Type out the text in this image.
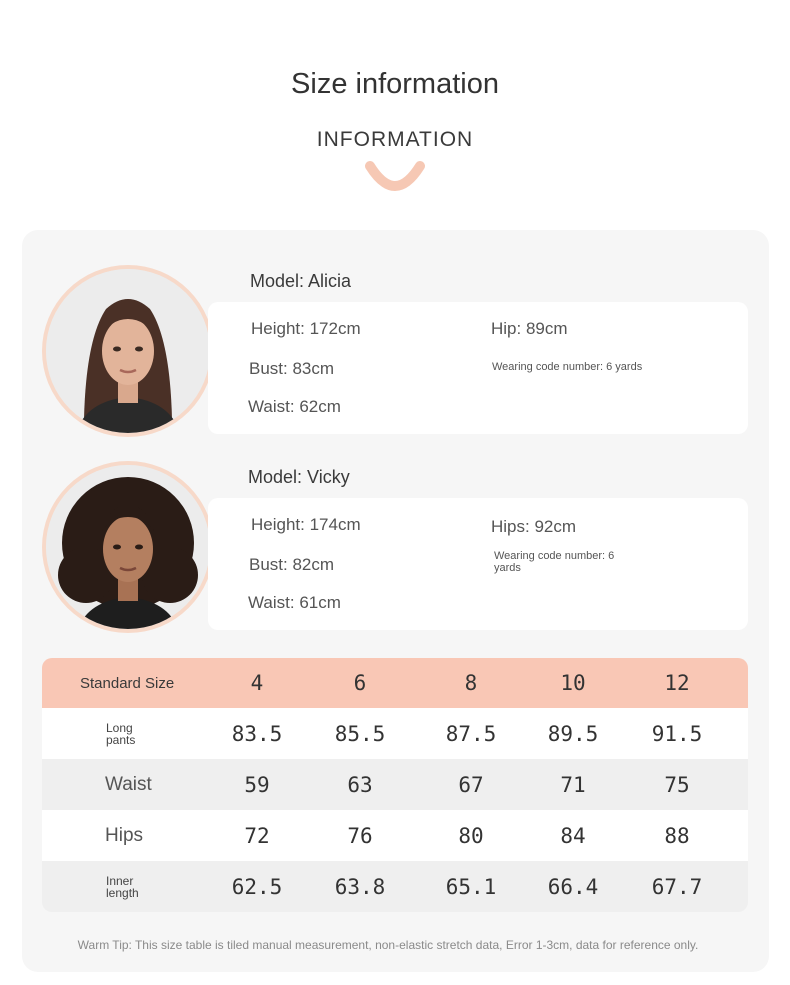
Size information
INFORMATION
Model: Alicia
Height: 172cm	Hip: 89cm
Bust: 83cm	Wearing code number: 6 yards
Waist: 62cm
Model: Vicky
Height: 174cm	Hips: 92cm
Bust: 82cm	Wearing code number: 6
yards
Waist: 61cm
Standard Size	4	6	8	10	12
Long
pants	83.5	85.5	87.5	89.5	91.5
Waist	59	63	67	71	75
Hips	72	76	80	84	88
Inner
length	62.5	63.8	65.1	66.4	67.7
Warm Tip: This size table is tiled manual measurement, non-elastic stretch data, Error 1-3cm, data for reference only.
